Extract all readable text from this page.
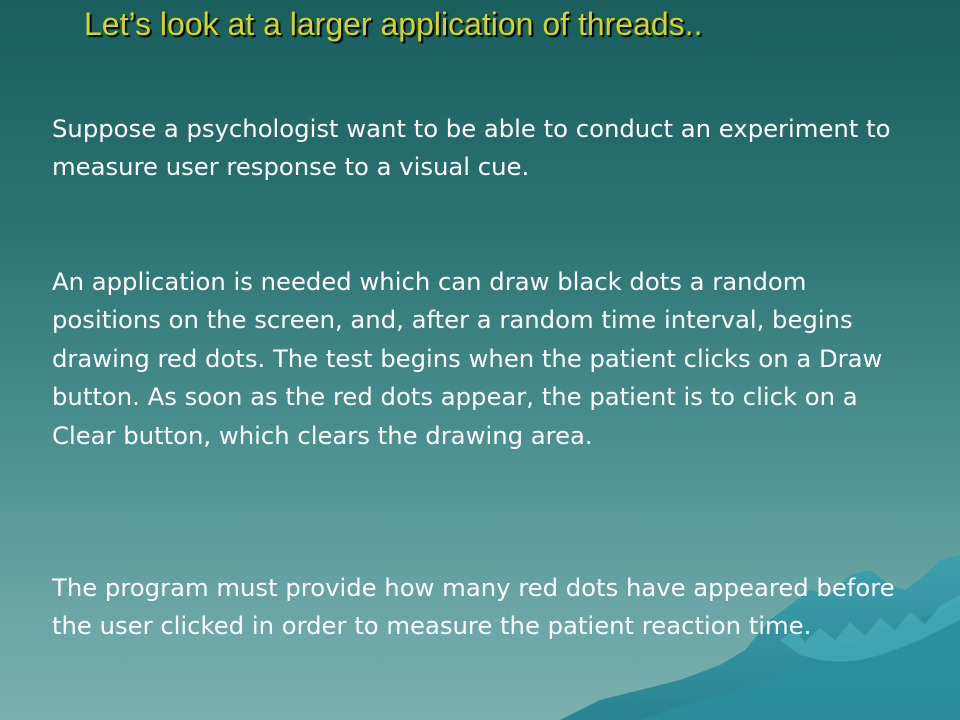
Let’s look at a larger application of threads..

Suppose a psychologist want to be able to conduct an experiment to measure user response to a visual cue.

An application is needed which can draw black dots a random positions on the screen, and, after a random time interval, begins drawing red dots. The test begins when the patient clicks on a Draw button. As soon as the red dots appear, the patient is to click on a Clear button, which clears the drawing area.

The program must provide how many red dots have appeared before the user clicked in order to measure the patient reaction time.
